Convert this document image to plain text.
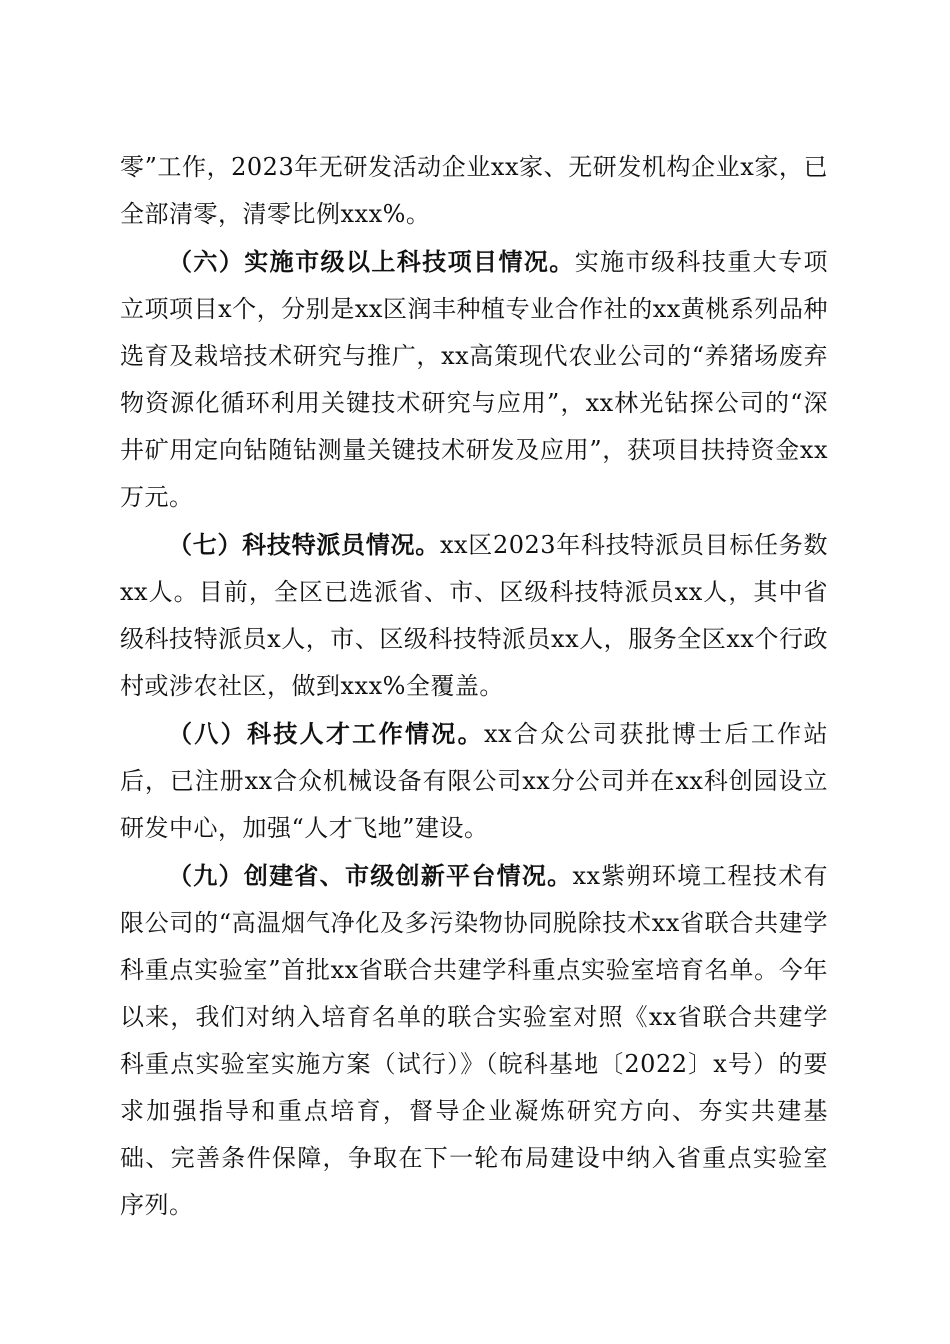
零”工作，2023年无研发活动企业xx家、无研发机构企业x家，已全部清零，清零比例xxx%。

（六）实施市级以上科技项目情况。实施市级科技重大专项立项项目x个，分别是xx区润丰种植专业合作社的xx黄桃系列品种选育及栽培技术研究与推广，xx高策现代农业公司的“养猪场废弃物资源化循环利用关键技术研究与应用”，xx林光钻探公司的“深井矿用定向钻随钻测量关键技术研发及应用”，获项目扶持资金xx万元。

（七）科技特派员情况。xx区2023年科技特派员目标任务数xx人。目前，全区已选派省、市、区级科技特派员xx人，其中省级科技特派员x人，市、区级科技特派员xx人，服务全区xx个行政村或涉农社区，做到xxx%全覆盖。

（八）科技人才工作情况。xx合众公司获批博士后工作站后，已注册xx合众机械设备有限公司xx分公司并在xx科创园设立研发中心，加强“人才飞地”建设。

（九）创建省、市级创新平台情况。xx紫朔环境工程技术有限公司的“高温烟气净化及多污染物协同脱除技术xx省联合共建学科重点实验室”首批xx省联合共建学科重点实验室培育名单。今年以来，我们对纳入培育名单的联合实验室对照《xx省联合共建学科重点实验室实施方案（试行）》（皖科基地〔2022〕x号）的要求加强指导和重点培育，督导企业凝炼研究方向、夯实共建基础、完善条件保障，争取在下一轮布局建设中纳入省重点实验室序列。
